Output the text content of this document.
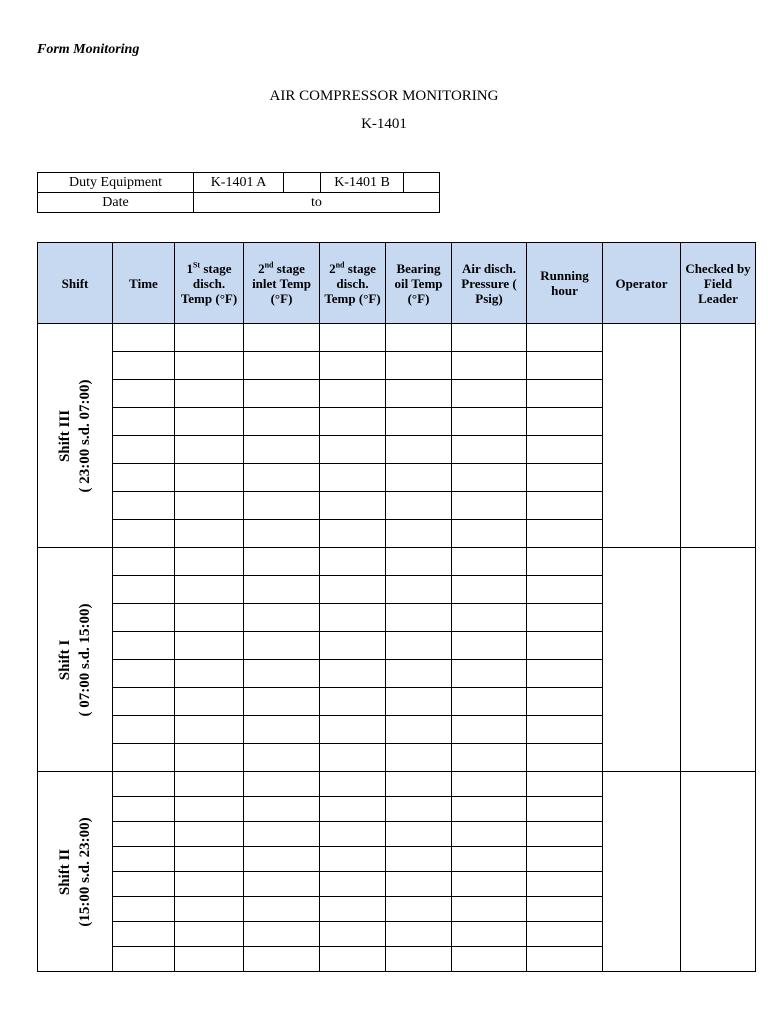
Form Monitoring
AIR COMPRESSOR MONITORING
K-1401
Duty Equipment	K-1401 A		K-1401 B	
Date	to			
Shift	Time	1St stage disch. Temp (°F)	2nd stage inlet Temp (°F)	2nd stage disch. Temp (°F)	Bearing oil Temp (°F)	Air disch. Pressure ( Psig)	Running hour	Operator	Checked by Field Leader

Shift III ( 23:00 s.d. 07:00)									

Shift I ( 07:00 s.d. 15:00)									

Shift II (15:00 s.d. 23:00)									
